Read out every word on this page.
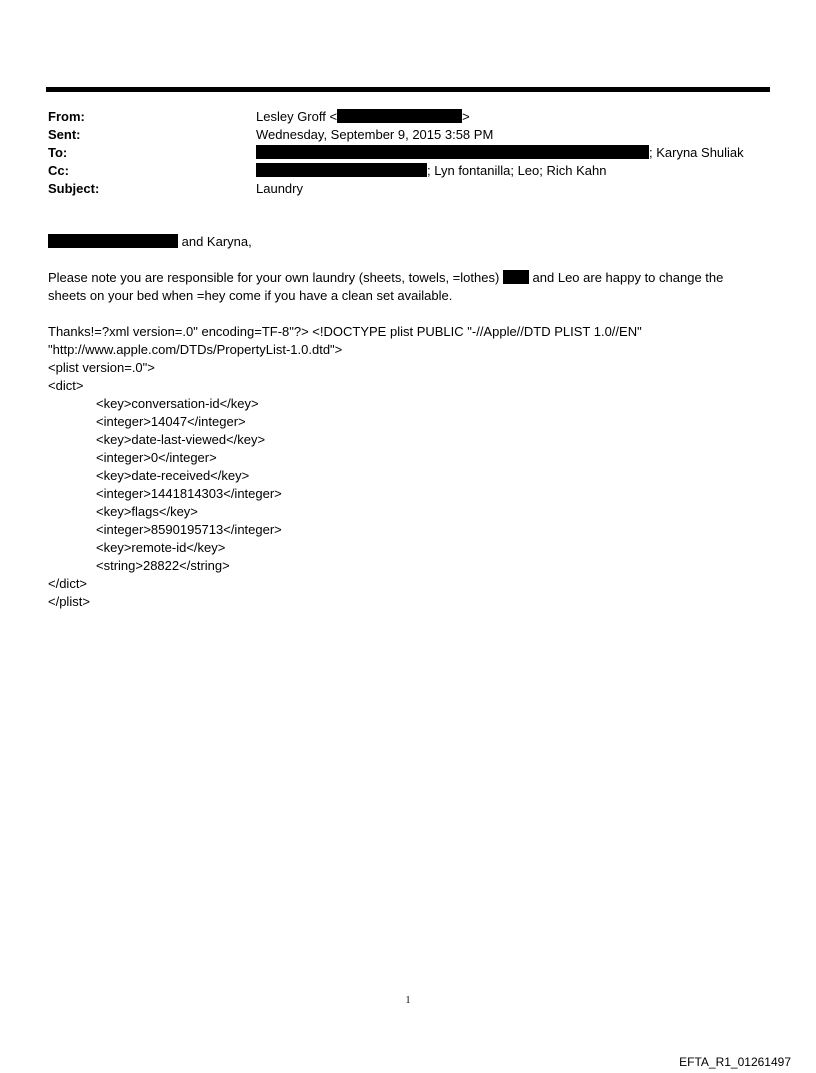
From:	Lesley Groff <	>
Sent:	Wednesday, September 9, 2015 3:58 PM
To:	; Karyna Shuliak
Cc:	; Lyn fontanilla; Leo; Rich Kahn
Subject:	Laundry

and Karyna,

Please note you are responsible for your own laundry (sheets, towels, =lothes)	and Leo are happy to change the

sheets on your bed when =hey come if you have a clean set available.

Thanks!=?xml version=.0" encoding=TF-8"?> <!DOCTYPE plist PUBLIC "-//Apple//DTD PLIST 1.0//EN"

"http://www.apple.com/DTDs/PropertyList-1.0.dtd">

<plist version=.0">

<dict>

<key>conversation-id</key>

<integer>14047</integer>

<key>date-last-viewed</key>

<integer>0</integer>

<key>date-received</key>

<integer>1441814303</integer>

<key>flags</key>

<integer>8590195713</integer>

<key>remote-id</key>

<string>28822</string>

</dict>

</plist>

1
EFTA_R1_01261497
